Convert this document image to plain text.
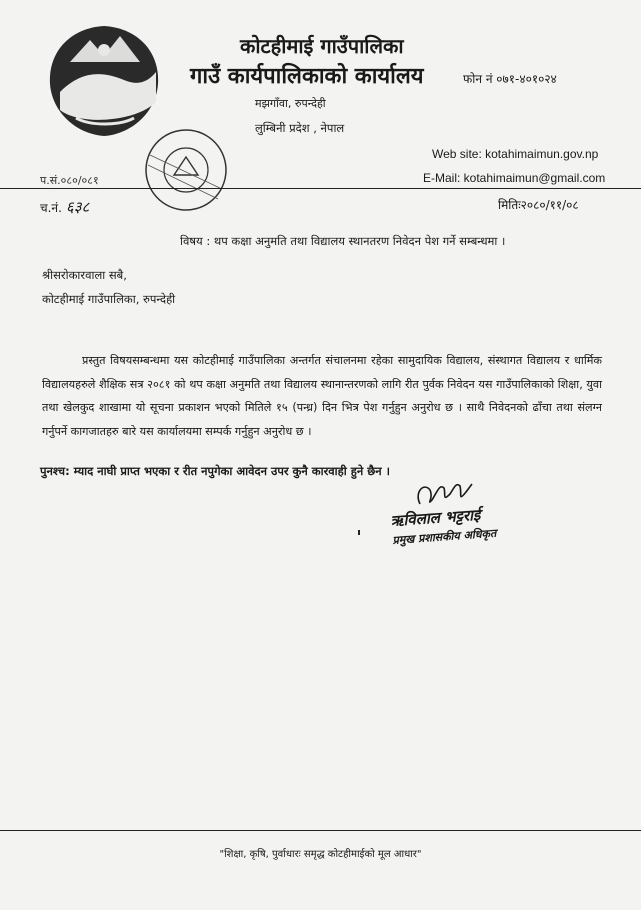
कोटहीमाई गाउँपालिका
गाउँ कार्यपालिकाको कार्यालय
मझगाँवा, रुपन्देही
लुम्बिनी प्रदेश , नेपाल
फोन नं ०७१-४०१०२४
Web site: kotahimaimun.gov.np
E-Mail: kotahimaimun@gmail.com
प.सं.०८०/०८१
च.नं. ६३८	मितिः२०८०/११/०८
विषय : थप कक्षा अनुमति तथा विद्यालय स्थानतरण निवेदन पेश गर्ने सम्बन्धमा ।
श्रीसरोकारवाला सबै,
कोटहीमाई गाउँपालिका, रुपन्देही
प्रस्तुत विषयसम्बन्धमा यस कोटहीमाई गाउँपालिका अन्तर्गत संचालनमा रहेका सामुदायिक विद्यालय, संस्थागत विद्यालय र धार्मिक विद्यालयहरुले शैक्षिक सत्र २०८१ को थप कक्षा अनुमति तथा विद्यालय स्थानान्तरणको लागि रीत पुर्वक निवेदन यस गाउँपालिकाको शिक्षा, युवा तथा खेलकुद शाखामा यो सूचना प्रकाशन भएको मितिले १५ (पन्ध्र) दिन भित्र पेश गर्नुहुन अनुरोध छ । साथै निवेदनको ढाँचा तथा संलग्न गर्नुपर्ने कागजातहरु बारे यस कार्यालयमा सम्पर्क गर्नुहुन अनुरोध छ ।
पुनश्च: म्याद नाघी प्राप्त भएका र रीत नपुगेका आवेदन उपर कुनै कारवाही हुने छैन ।
ऋविलाल भट्टराई
प्रमुख प्रशासकीय अधिकृत
"शिक्षा, कृषि, पुर्वाधारः समृद्ध कोटहीमाईको मूल आधार"
